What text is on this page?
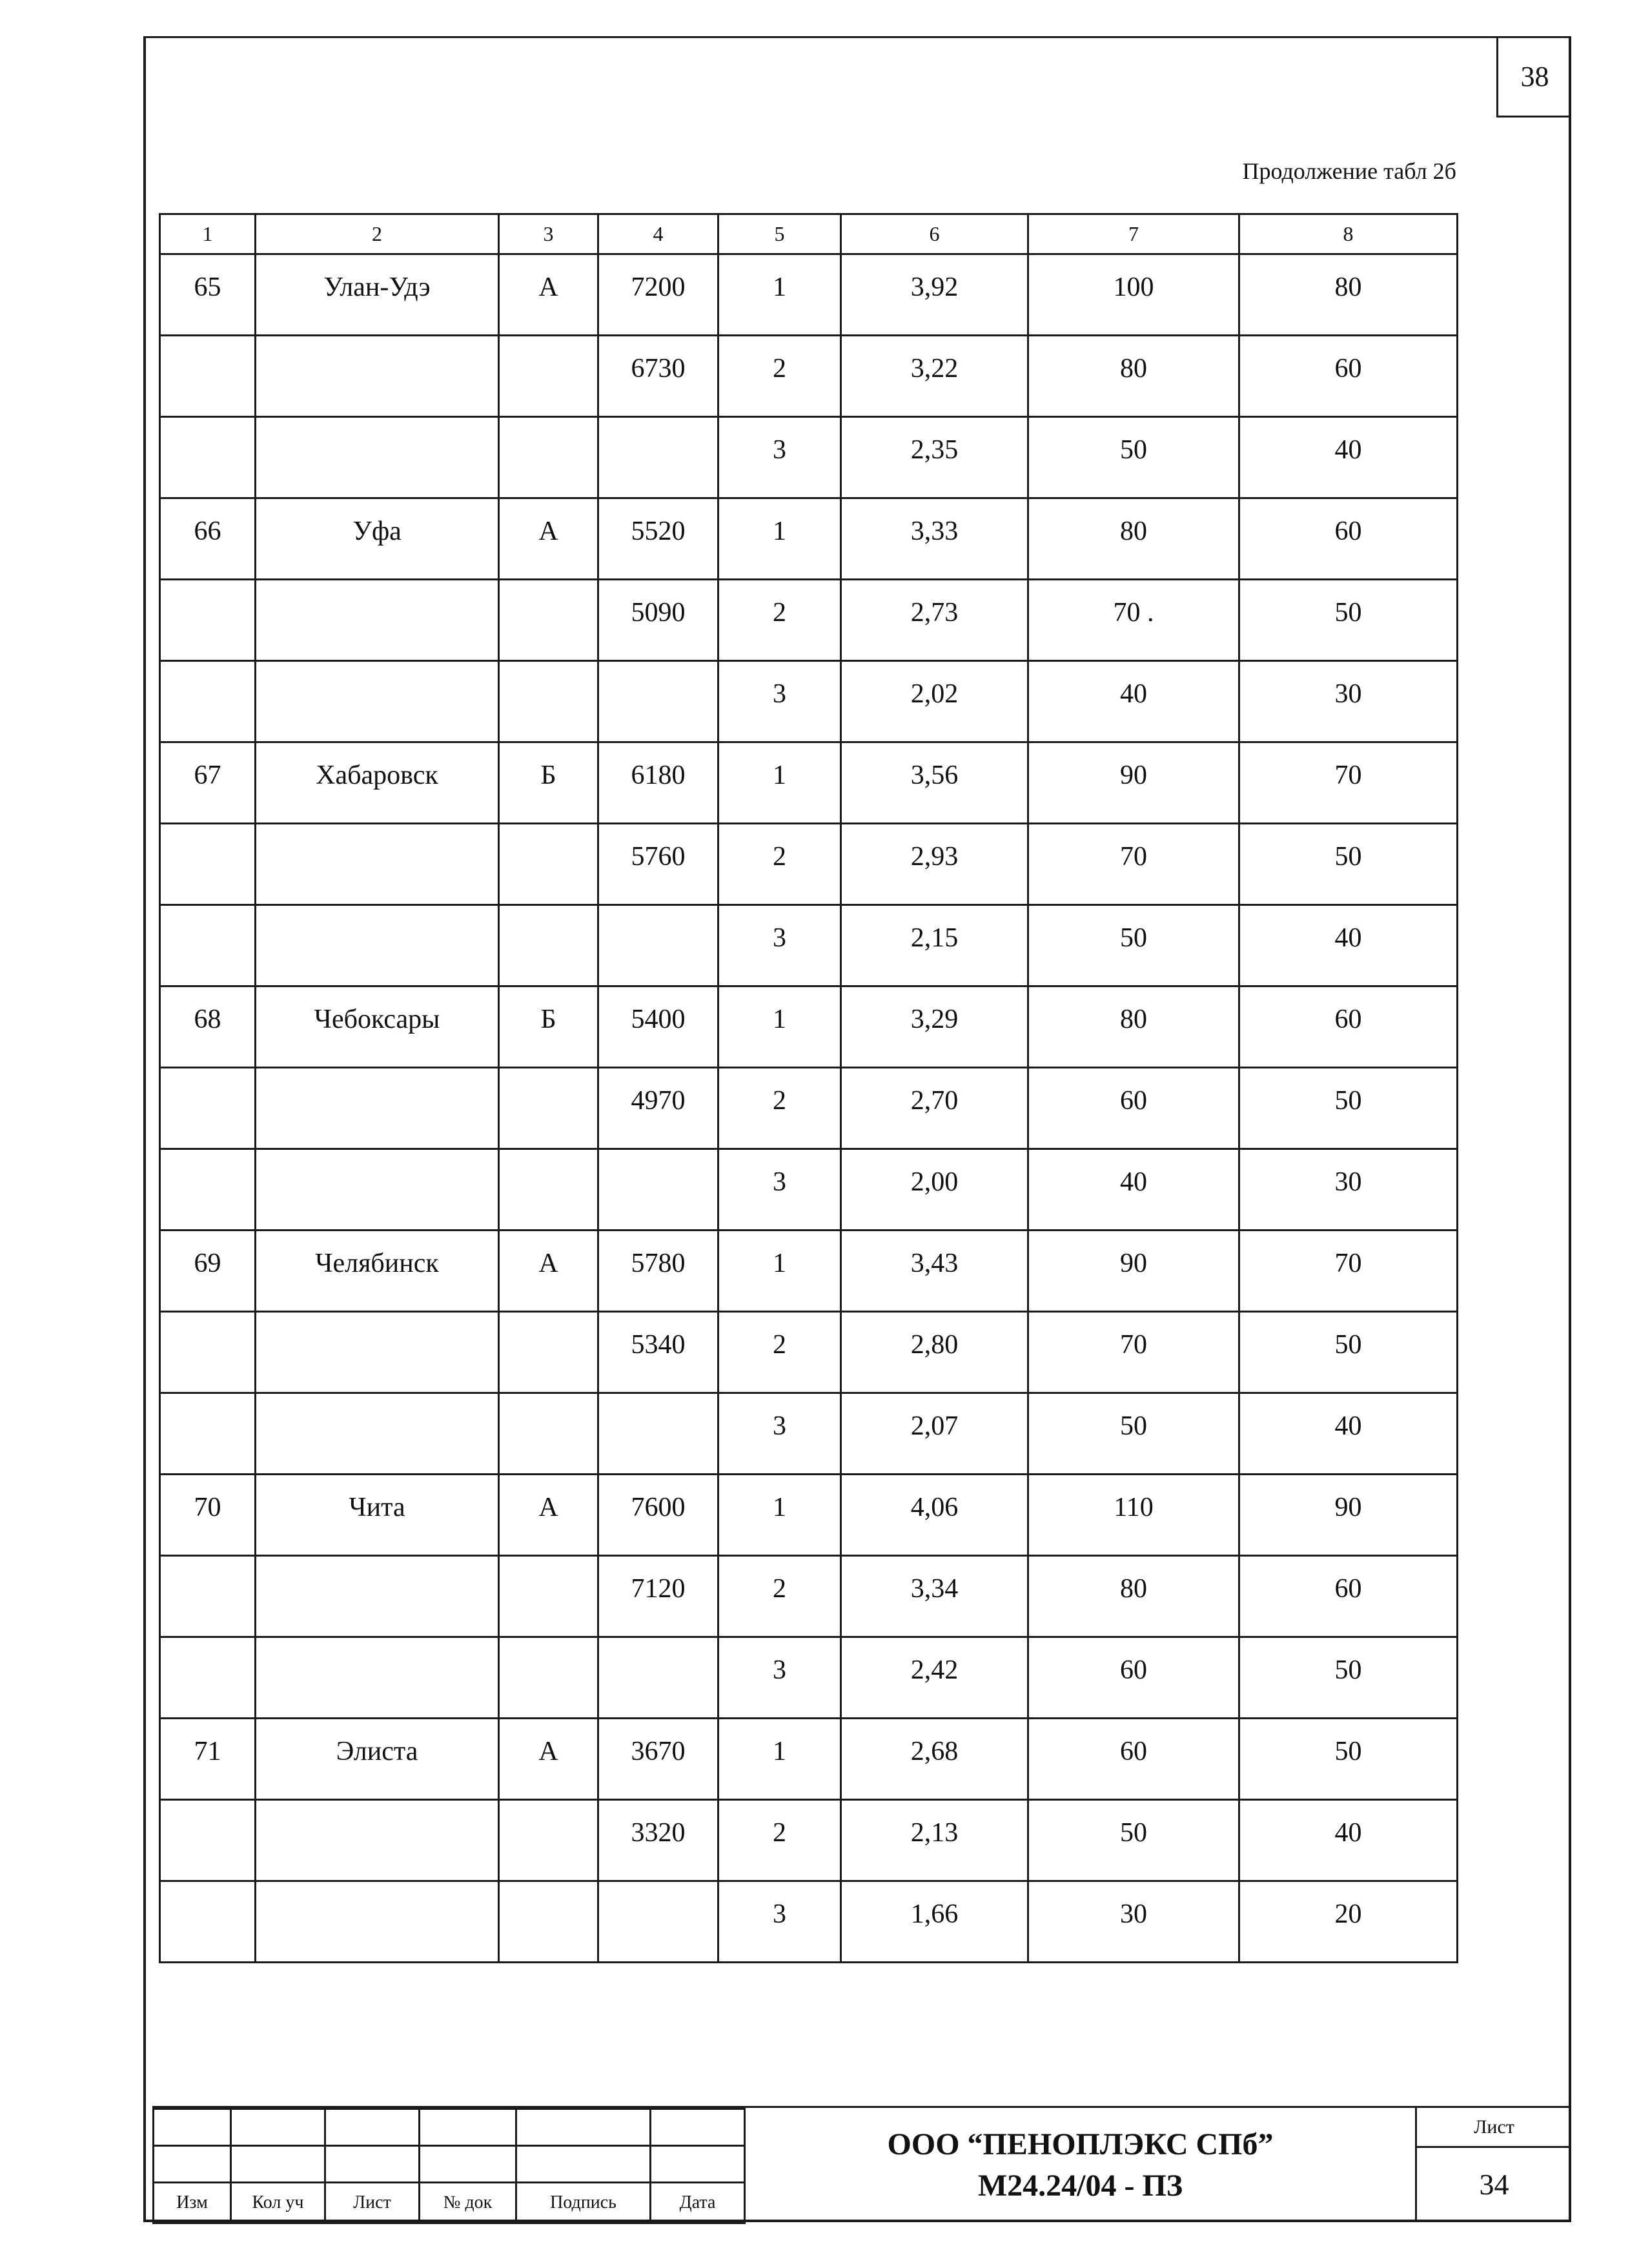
38
Продолжение табл 2б
1	2	3	4	5	6	7	8
65	Улан-Удэ	А	7200	1	3,92	100	80
			6730	2	3,22	80	60
				3	2,35	50	40
66	Уфа	А	5520	1	3,33	80	60
			5090	2	2,73	70 .	50
				3	2,02	40	30
67	Хабаровск	Б	6180	1	3,56	90	70
			5760	2	2,93	70	50
				3	2,15	50	40
68	Чебоксары	Б	5400	1	3,29	80	60
			4970	2	2,70	60	50
				3	2,00	40	30
69	Челябинск	А	5780	1	3,43	90	70
			5340	2	2,80	70	50
				3	2,07	50	40
70	Чита	А	7600	1	4,06	110	90
			7120	2	3,34	80	60
				3	2,42	60	50
71	Элиста	А	3670	1	2,68	60	50
			3320	2	2,13	50	40
				3	1,66	30	20

Изм	Кол уч	Лист	№ док	Подпись	Дата
ООО “ПЕНОПЛЭКС СПб”
М24.24/04 - ПЗ
Лист
34
